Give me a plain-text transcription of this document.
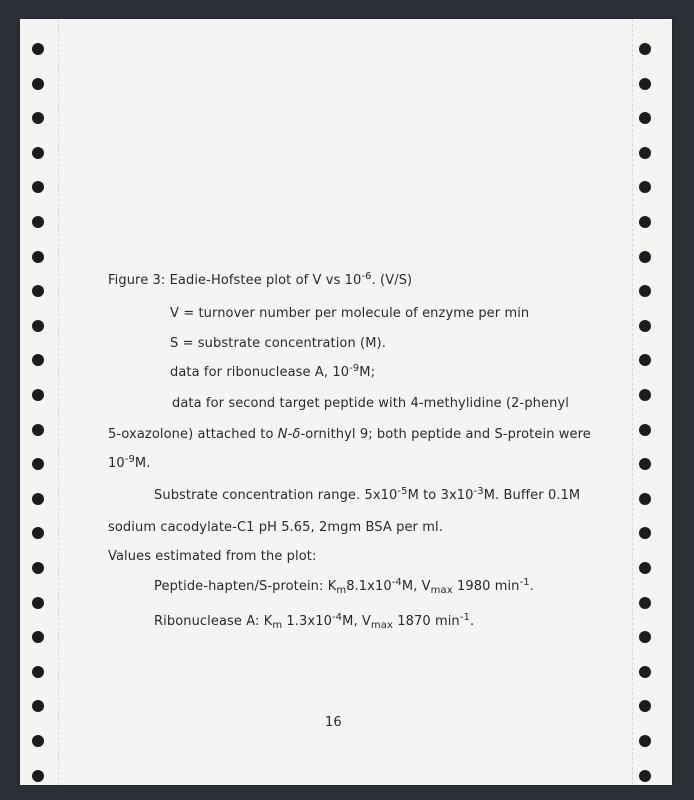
Figure 3: Eadie-Hofstee plot of V vs $10^{-6}$. (V/S)
V = turnover number per molecule of enzyme per min
S = substrate concentration (M).
data for ribonuclease A, $10^{-9}M$;
data for second target peptide with 4-methylidine (2-phenyl
5-oxazolone) attached to N-δ-ornithyl 9; both peptide and S-protein were
$10^{-9}M$.
Substrate concentration range. $5x10^{-5}M$ to $3x10^{-3}M$. Buffer 0.1M
sodium cacodylate-C1 pH 5.65, 2mgm BSA per ml.
Values estimated from the plot:
Peptide-hapten/S-protein: $K_m8.1x10^{-4}M$, $V_{max}$ 1980 $\min^{-1}$.
Ribonuclease A: $K_m$ $1.3x10^{-4}M$, $V_{max}$ 1870 $\min^{-1}$.
16
